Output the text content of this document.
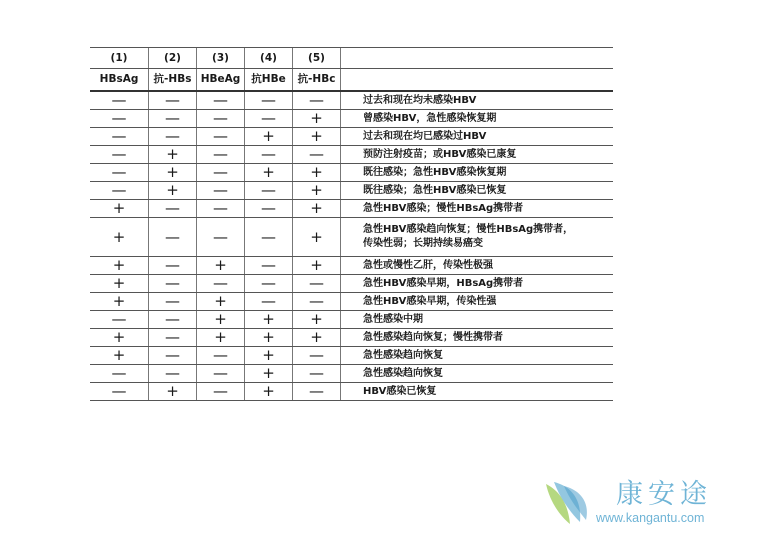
(1)	(2)	(3)	(4)	(5)	
HBsAg	抗-HBs	HBeAg	抗HBe	抗-HBc	
—	—	—	—	—	过去和现在均未感染HBV

—	—	—	—	+	曾感染HBV，急性感染恢复期

—	—	—	+	+	过去和现在均已感染过HBV

—	+	—	—	—	预防注射疫苗；或HBV感染已康复

—	+	—	+	+	既往感染；急性HBV感染恢复期

—	+	—	—	+	既往感染；急性HBV感染已恢复

+	—	—	—	+	急性HBV感染；慢性HBsAg携带者

+	—	—	—	+	急性HBV感染趋向恢复；慢性HBsAg携带者，
传染性弱；长期持续易癌变

+	—	+	—	+	急性或慢性乙肝，传染性极强

+	—	—	—	—	急性HBV感染早期，HBsAg携带者

+	—	+	—	—	急性HBV感染早期，传染性强

—	—	+	+	+	急性感染中期

+	—	+	+	+	急性感染趋向恢复；慢性携带者

+	—	—	+	—	急性感染趋向恢复

—	—	—	+	—	急性感染趋向恢复

—	+	—	+	—	HBV感染已恢复
康安途
www.kangantu.com
